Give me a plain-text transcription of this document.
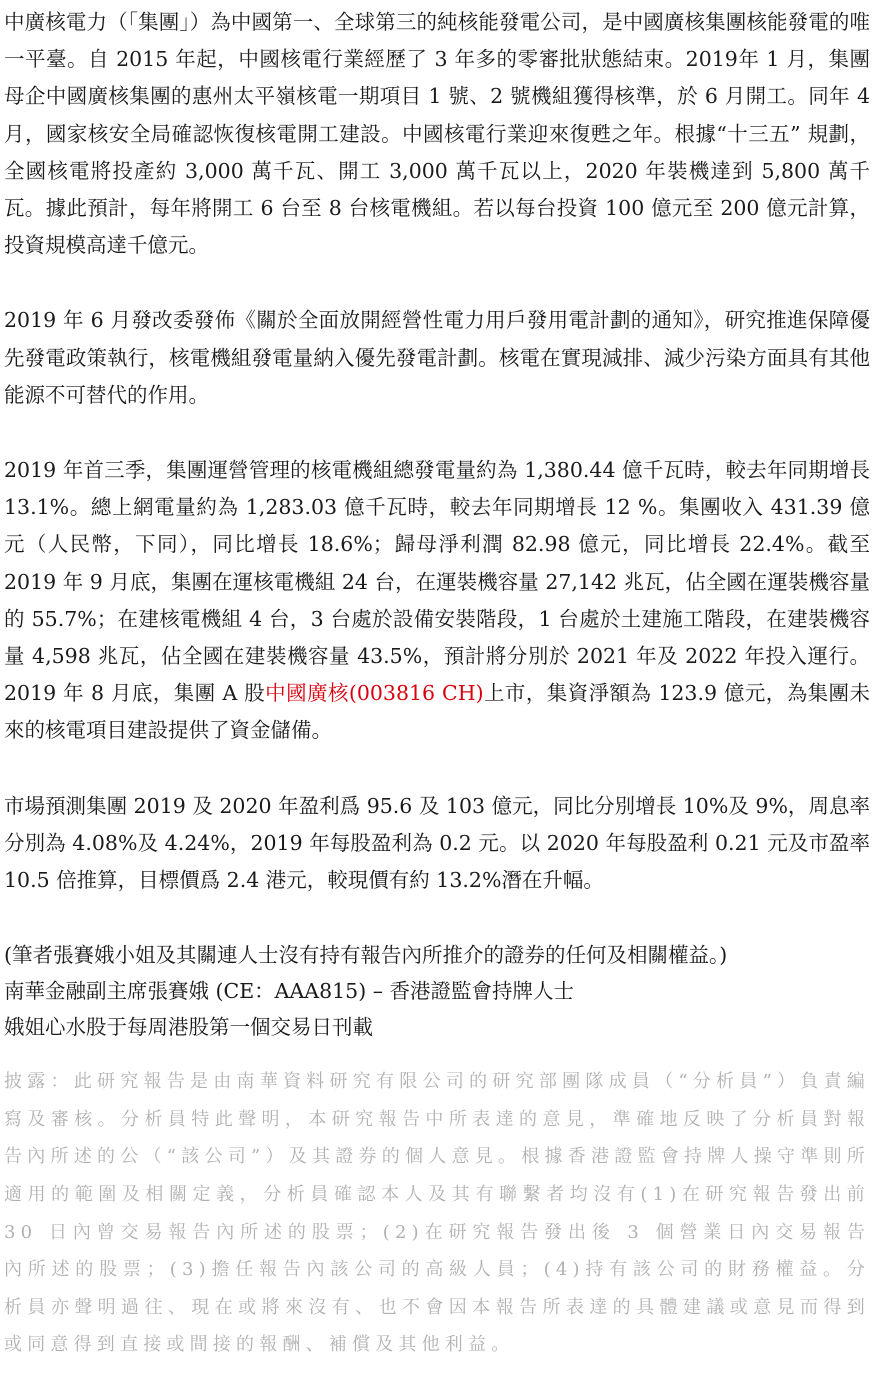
中廣核電力（「集團」）為中國第一、全球第三的純核能發電公司，是中國廣核集團核能發電的唯一平臺。自 2015 年起，中國核電行業經歷了 3 年多的零審批狀態結束。2019年 1 月，集團母企中國廣核集團的惠州太平嶺核電一期項目 1 號、2 號機組獲得核準，於 6 月開工。同年 4 月，國家核安全局確認恢復核電開工建設。中國核電行業迎來復甦之年。根據“十三五” 規劃，全國核電將投產約 3,000 萬千瓦、開工 3,000 萬千瓦以上，2020 年裝機達到 5,800 萬千瓦。據此預計，每年將開工 6 台至 8 台核電機組。若以每台投資 100 億元至 200 億元計算，投資規模高達千億元。

2019 年 6 月發改委發佈《關於全面放開經營性電力用戶發用電計劃的通知》，研究推進保障優先發電政策執行，核電機組發電量納入優先發電計劃。核電在實現減排、減少污染方面具有其他能源不可替代的作用。

2019 年首三季，集團運營管理的核電機組總發電量約為 1,380.44 億千瓦時，較去年同期增長 13.1%。總上網電量約為 1,283.03 億千瓦時，較去年同期增長 12 %。集團收入 431.39 億元（人民幣，下同），同比增長 18.6%；歸母淨利潤 82.98 億元，同比增長 22.4%。截至 2019 年 9 月底，集團在運核電機組 24 台，在運裝機容量 27,142 兆瓦，佔全國在運裝機容量的 55.7%；在建核電機組 4 台，3 台處於設備安裝階段，1 台處於土建施工階段，在建裝機容量 4,598 兆瓦，佔全國在建裝機容量 43.5%，預計將分別於 2021 年及 2022 年投入運行。2019 年 8 月底，集團 A 股中國廣核(003816 CH)上市，集資淨額為 123.9 億元，為集團未來的核電項目建設提供了資金儲備。

市場預測集團 2019 及 2020 年盈利爲 95.6 及 103 億元，同比分別增長 10%及 9%，周息率分別為 4.08%及 4.24%，2019 年每股盈利為 0.2 元。以 2020 年每股盈利 0.21 元及市盈率 10.5 倍推算，目標價爲 2.4 港元，較現價有約 13.2%潛在升幅。

(筆者張賽娥小姐及其關連人士沒有持有報告內所推介的證券的任何及相關權益。)

南華金融副主席張賽娥 (CE：AAA815) – 香港證監會持牌人士

娥姐心水股于每周港股第一個交易日刊載

披露：此研究報告是由南華資料研究有限公司的研究部團隊成員（“分析員”）負責編寫及審核。分析員特此聲明，本研究報告中所表達的意見，準確地反映了分析員對報告內所述的公（“該公司”）及其證券的個人意見。根據香港證監會持牌人操守準則所適用的範圍及相關定義，分析員確認本人及其有聯繫者均沒有(1)在研究報告發出前 30 日內曾交易報告內所述的股票；(2)在研究報告發出後 3 個營業日內交易報告內所述的股票；(3)擔任報告內該公司的高級人員；(4)持有該公司的財務權益。分析員亦聲明過往、現在或將來沒有、也不會因本報告所表達的具體建議或意見而得到或同意得到直接或間接的報酬、補償及其他利益。
